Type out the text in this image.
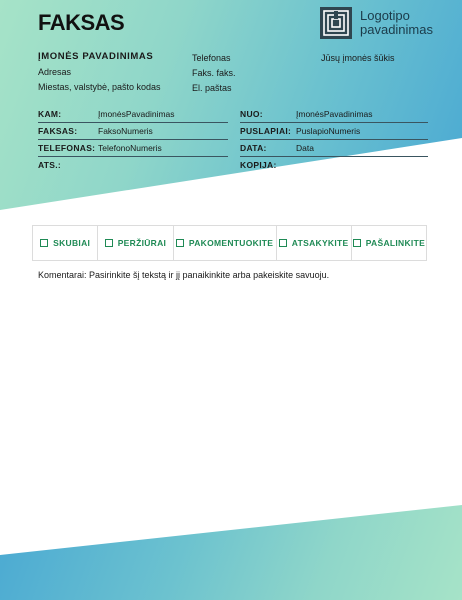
FAKSAS	Logotipo
pavadinimas
ĮMONĖS PAVADINIMAS
Adresas
Miestas, valstybė, pašto kodas
Telefonas
Faks. faks.
El. paštas
Jūsų įmonės šūkis
KAM:	ĮmonėsPavadinimas
FAKSAS:	FaksoNumeris
TELEFONAS: TelefonoNumeris
ATS.:
NUO:	ĮmonėsPavadinimas
PUSLAPIAI: PuslapioNumeris
DATA:	Data
KOPIJA:
SKUBIAI	PERŽIŪRAI	PAKOMENTUOKITE ATSAKYKITE PAŠALINKITE
Komentarai: Pasirinkite šį tekstą ir jį panaikinkite arba pakeiskite savuoju.
